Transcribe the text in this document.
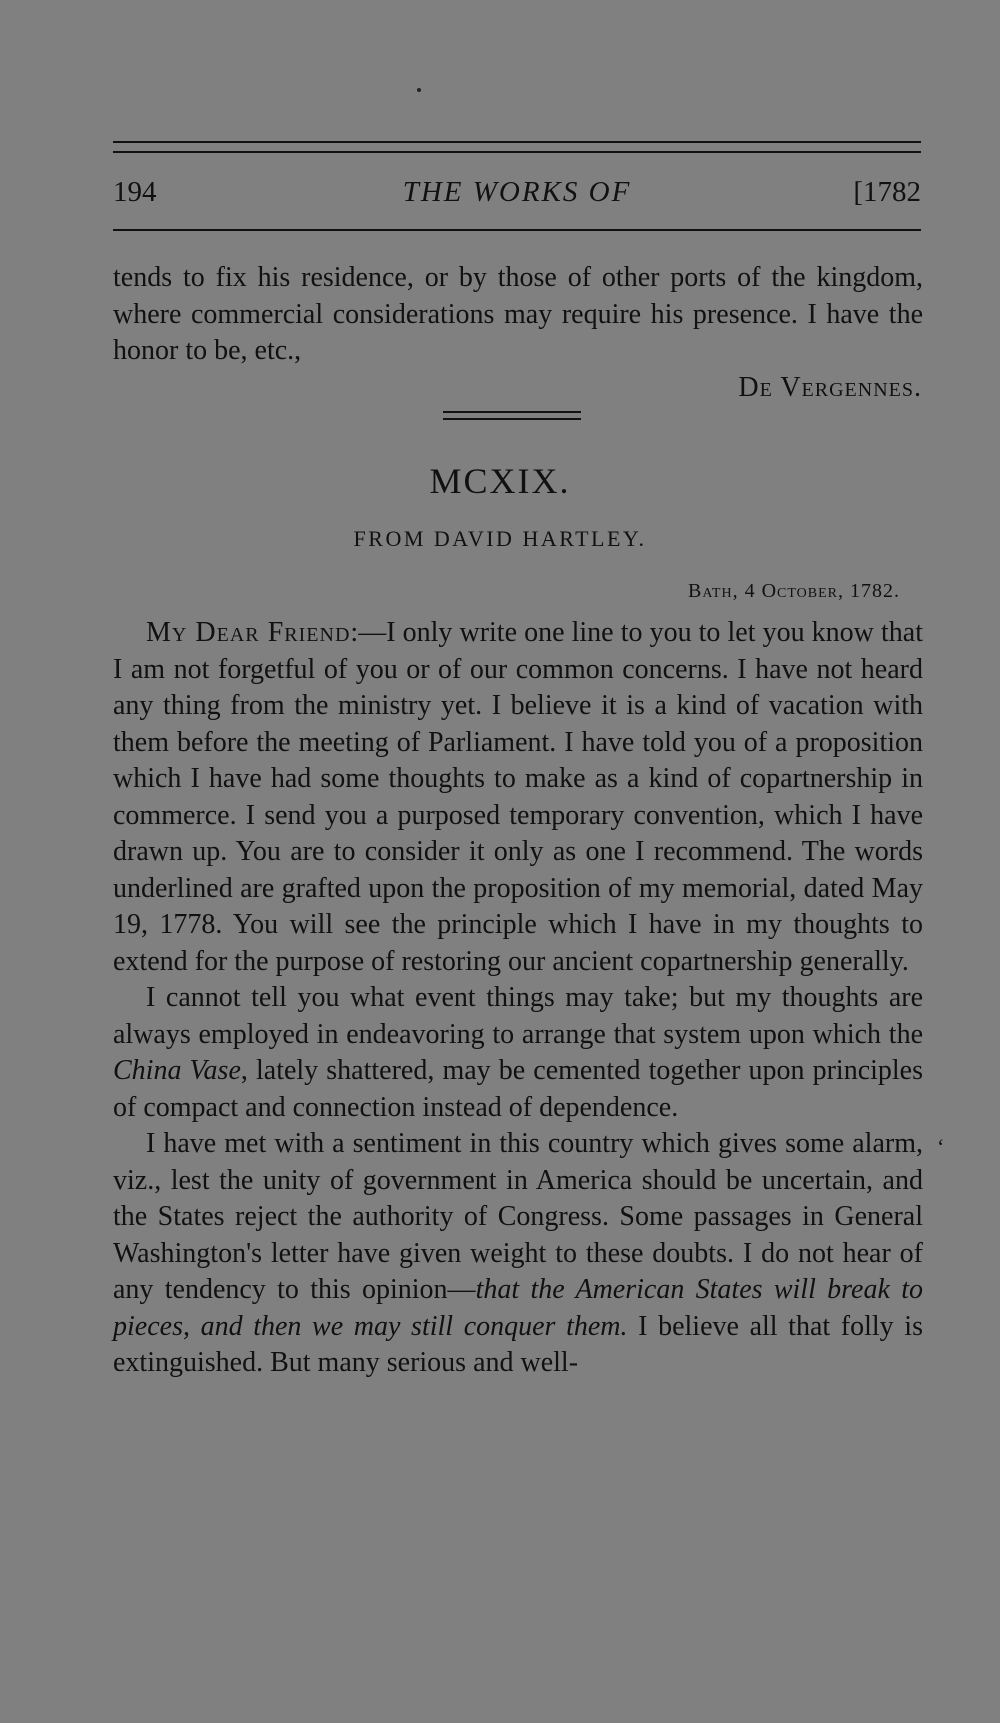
194	THE WORKS OF	[1782

tends to fix his residence, or by those of other ports of the kingdom, where commercial considerations may require his presence. I have the honor to be, etc.,

De Vergennes.

MCXIX.
FROM DAVID HARTLEY.
Bath, 4 October, 1782.

My Dear Friend:—I only write one line to you to let you know that I am not forgetful of you or of our common concerns. I have not heard any thing from the ministry yet. I believe it is a kind of vacation with them before the meeting of Parliament. I have told you of a proposition which I have had some thoughts to make as a kind of copartnership in commerce. I send you a purposed temporary convention, which I have drawn up. You are to consider it only as one I recommend. The words underlined are grafted upon the proposition of my memorial, dated May 19, 1778. You will see the principle which I have in my thoughts to extend for the purpose of restoring our ancient copartnership generally.

I cannot tell you what event things may take; but my thoughts are always employed in endeavoring to arrange that system upon which the China Vase, lately shattered, may be cemented together upon principles of compact and connection instead of dependence.

I have met with a sentiment in this country which gives some alarm, viz., lest the unity of government in America should be uncertain, and the States reject the authority of Congress. Some passages in General Washington's letter have given weight to these doubts. I do not hear of any tendency to this opinion—that the American States will break to pieces, and then we may still conquer them. I believe all that folly is extinguished. But many serious and well-

‘
